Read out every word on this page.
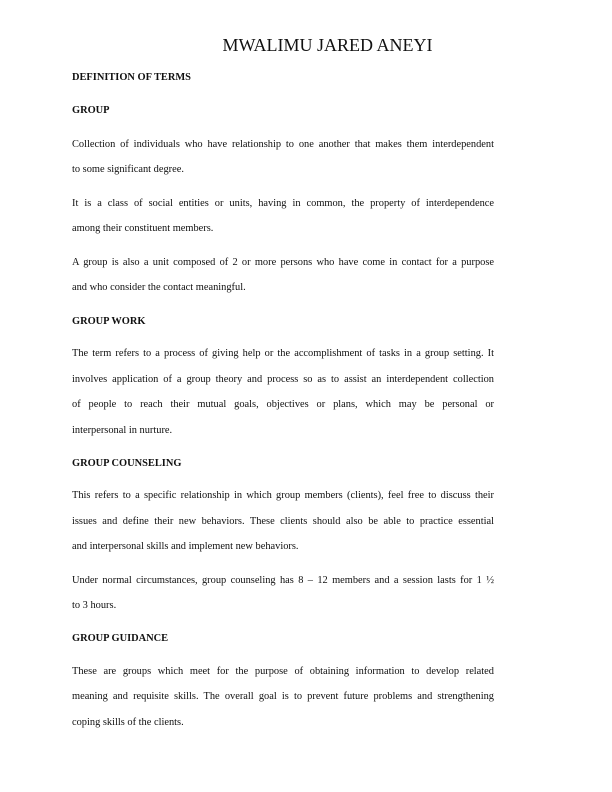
MWALIMU JARED ANEYI
DEFINITION OF TERMS
GROUP
Collection of individuals who have relationship to one another that makes them interdependent
to some significant degree.
It is a class of social entities or units, having in common, the property of interdependence
among their constituent members.
A group is also a unit composed of 2 or more persons who have come in contact for a purpose
and who consider the contact meaningful.
GROUP WORK
The term refers to a process of giving help or the accomplishment of tasks in a group setting. It
involves application of a group theory and process so as to assist an interdependent collection
of people to reach their mutual goals, objectives or plans, which may be personal or
interpersonal in nurture.
GROUP COUNSELING
This refers to a specific relationship in which group members (clients), feel free to discuss their
issues and define their new behaviors. These clients should also be able to practice essential
and interpersonal skills and implement new behaviors.
Under normal circumstances, group counseling has 8 – 12 members and a session lasts for 1 ½
to 3 hours.
GROUP GUIDANCE
These are groups which meet for the purpose of obtaining information to develop related
meaning and requisite skills. The overall goal is to prevent future problems and strengthening
coping skills of the clients.
